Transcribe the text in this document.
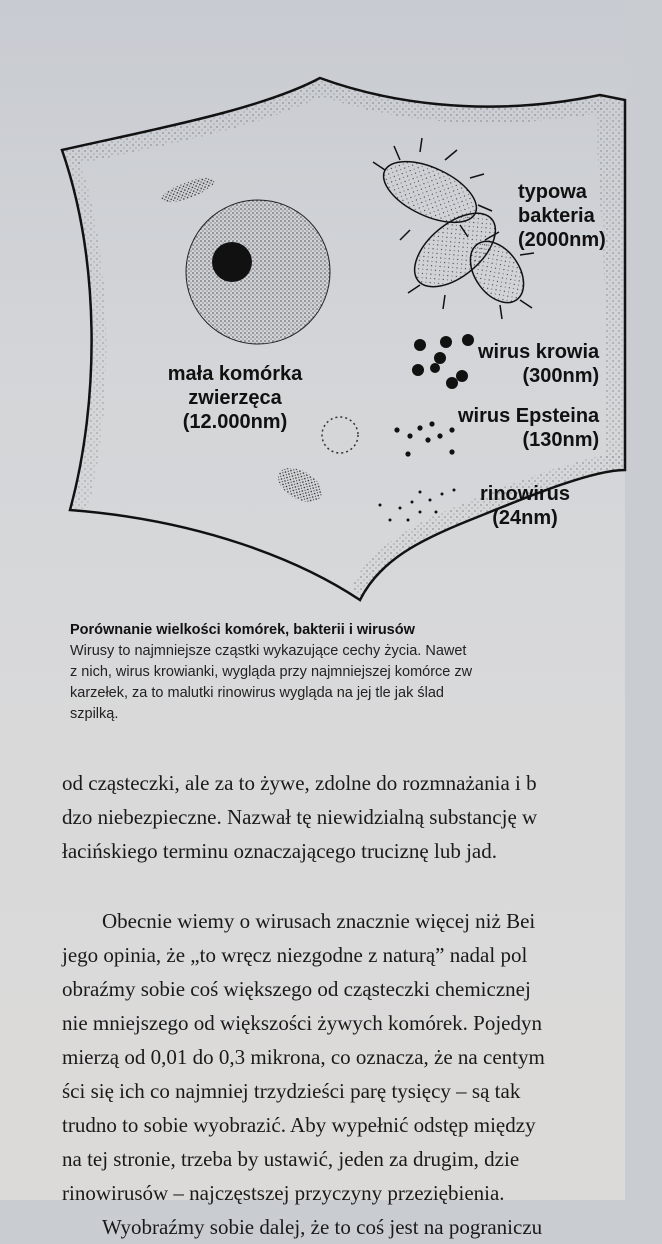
mała komórka
zwierzęca
(12.000nm)
typowa
bakteria
(2000nm)
wirus krowia
(300nm)
wirus Epsteina
(130nm)
rinowirus
(24nm)
Porównanie wielkości komórek, bakterii i wirusów
Wirusy to najmniejsze cząstki wykazujące cechy życia. Nawet
z nich, wirus krowianki, wygląda przy najmniejszej komórce zw
karzełek, za to malutki rinowirus wygląda na jej tle jak ślad
szpilką.
od cząsteczki, ale za to żywe, zdolne do rozmnażania i b
dzo niebezpieczne. Nazwał tę niewidzialną substancję w
łacińskiego terminu oznaczającego truciznę lub jad.
Obecnie wiemy o wirusach znacznie więcej niż Bei
jego opinia, że „to wręcz niezgodne z naturą” nadal pol
obraźmy sobie coś większego od cząsteczki chemicznej
nie mniejszego od większości żywych komórek. Pojedyn
mierzą od 0,01 do 0,3 mikrona, co oznacza, że na centym
ści się ich co najmniej trzydzieści parę tysięcy – są tak
trudno to sobie wyobrazić. Aby wypełnić odstęp między
na tej stronie, trzeba by ustawić, jeden za drugim, dzie
rinowirusów – najczęstszej przyczyny przeziębienia.
Wyobraźmy sobie dalej, że to coś jest na pograniczu
